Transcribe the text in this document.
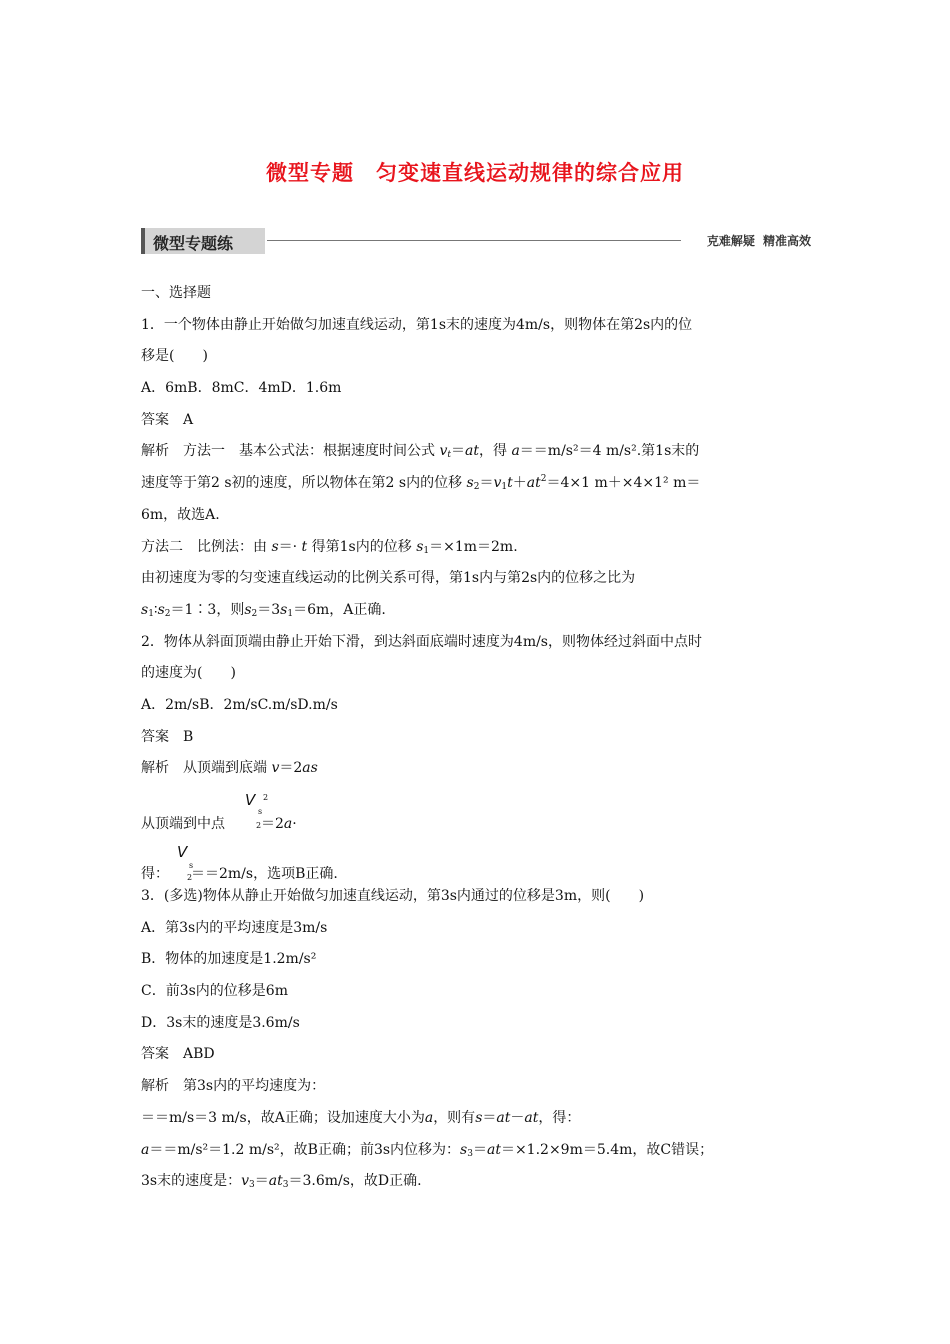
微型专题　匀变速直线运动规律的综合应用
微型专题练	克难解疑 精准高效
一、选择题
1．一个物体由静止开始做匀加速直线运动，第1s末的速度为4m/s，则物体在第2s内的位
移是(　　)
A．6mB．8mC．4mD．1.6m
答案　A
解析　方法一　基本公式法：根据速度时间公式 $v_t=at$，得 a＝＝m/s²＝4 m/s².第1s末的
速度等于第2 s初的速度，所以物体在第2 s内的位移 $s_2=v_1t+at^2=4\times 1$ m＋×4×1² m＝
6m，故选A.
方法二　比例法：由 s＝· t 得第1s内的位移 $s_1=\times 1m=2m$.
由初速度为零的匀变速直线运动的比例关系可得，第1s内与第2s内的位移之比为
$s_1∶s_2=1∶3$，则$s_2=3s_1=6m$，A正确.
2．物体从斜面顶端由静止开始下滑，到达斜面底端时速度为4m/s，则物体经过斜面中点时
的速度为(　　)
A．2m/sB．2m/sC.m/sD.m/s
答案　B
解析　从顶端到底端 v＝2as
V
s
2
2
从顶端到中点	＝2a·
V
s
2
得： ＝＝2m/s，选项B正确.
3．(多选)物体从静止开始做匀加速直线运动，第3s内通过的位移是3m，则(　　)
A．第3s内的平均速度是3m/s
B．物体的加速度是1.2m/s²
C．前3s内的位移是6m
D．3s末的速度是3.6m/s
答案　ABD
解析　第3s内的平均速度为：
＝＝m/s＝3 m/s，故A正确；设加速度大小为a，则有s＝at－at，得：
a＝＝m/s²＝1.2 m/s²，故B正确；前3s内位移为：$s_3=at=\times 1.2\times 9m=5.4m$，故C错误；
3s末的速度是：$v_3=at_3=3.6m/s$，故D正确.
